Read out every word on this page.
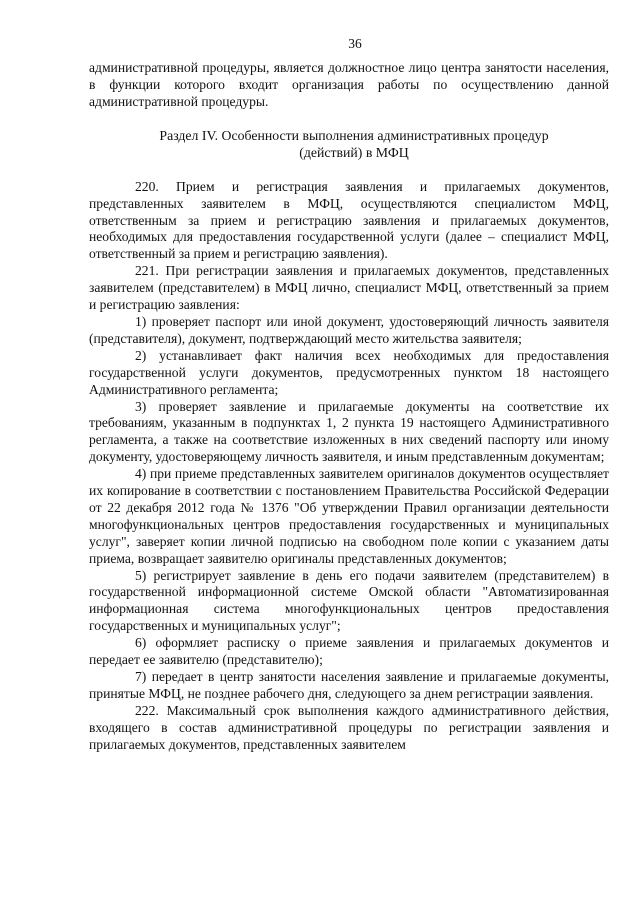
36

административной процедуры, является должностное лицо центра занятости населения, в функции которого входит организация работы по осуществлению данной административной процедуры.

Раздел IV. Особенности выполнения административных процедур
(действий) в МФЦ

220. Прием и регистрация заявления и прилагаемых документов, представленных заявителем в МФЦ, осуществляются специалистом МФЦ, ответственным за прием и регистрацию заявления и прилагаемых документов, необходимых для предоставления государственной услуги (далее – специалист МФЦ, ответственный за прием и регистрацию заявления).

221. При регистрации заявления и прилагаемых документов, представленных заявителем (представителем) в МФЦ лично, специалист МФЦ, ответственный за прием и регистрацию заявления:

1) проверяет паспорт или иной документ, удостоверяющий личность заявителя (представителя), документ, подтверждающий место жительства заявителя;

2) устанавливает факт наличия всех необходимых для предоставления государственной услуги документов, предусмотренных пунктом 18 настоящего Административного регламента;

3) проверяет заявление и прилагаемые документы на соответствие их требованиям, указанным в подпунктах 1, 2 пункта 19 настоящего Административного регламента, а также на соответствие изложенных в них сведений паспорту или иному документу, удостоверяющему личность заявителя, и иным представленным документам;

4) при приеме представленных заявителем оригиналов документов осуществляет их копирование в соответствии с постановлением Правительства Российской Федерации от 22 декабря 2012 года № 1376 "Об утверждении Правил организации деятельности многофункциональных центров предоставления государственных и муниципальных услуг", заверяет копии личной подписью на свободном поле копии с указанием даты приема, возвращает заявителю оригиналы представленных документов;

5) регистрирует заявление в день его подачи заявителем (представителем) в государственной информационной системе Омской области "Автоматизированная информационная система многофункциональных центров предоставления государственных и муниципальных услуг";

6) оформляет расписку о приеме заявления и прилагаемых документов и передает ее заявителю (представителю);

7) передает в центр занятости населения заявление и прилагаемые документы, принятые МФЦ, не позднее рабочего дня, следующего за днем регистрации заявления.

222. Максимальный срок выполнения каждого административного действия, входящего в состав административной процедуры по регистрации заявления и прилагаемых документов, представленных заявителем
